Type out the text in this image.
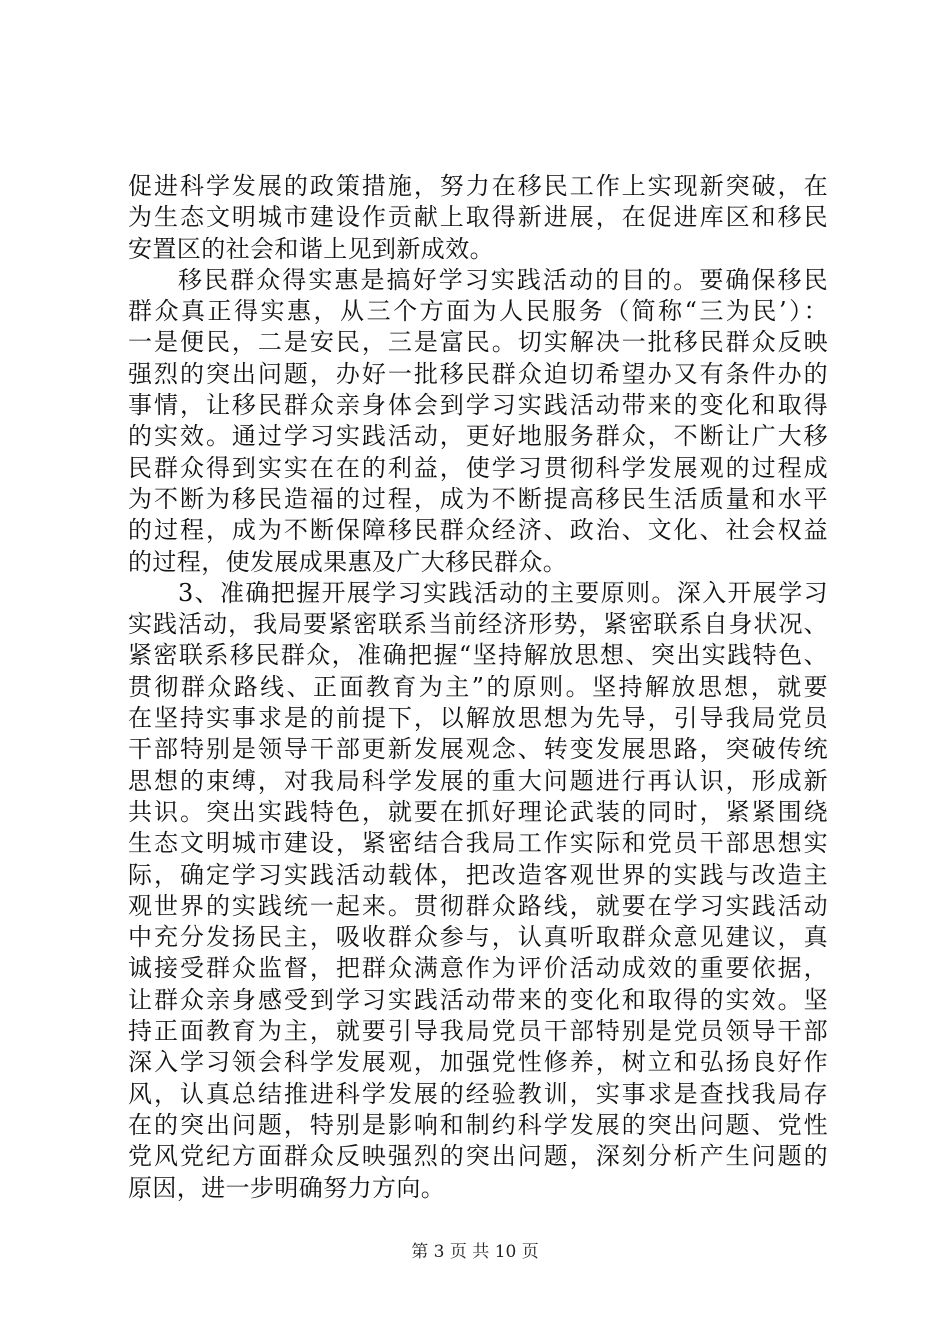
促进科学发展的政策措施，努力在移民工作上实现新突破，在
为生态文明城市建设作贡献上取得新进展，在促进库区和移民
安置区的社会和谐上见到新成效。
移民群众得实惠是搞好学习实践活动的目的。要确保移民
群众真正得实惠，从三个方面为人民服务（简称“三为民’）：
一是便民，二是安民，三是富民。切实解决一批移民群众反映
强烈的突出问题，办好一批移民群众迫切希望办又有条件办的
事情，让移民群众亲身体会到学习实践活动带来的变化和取得
的实效。通过学习实践活动，更好地服务群众，不断让广大移
民群众得到实实在在的利益，使学习贯彻科学发展观的过程成
为不断为移民造福的过程，成为不断提高移民生活质量和水平
的过程，成为不断保障移民群众经济、政治、文化、社会权益
的过程，使发展成果惠及广大移民群众。
3、准确把握开展学习实践活动的主要原则。深入开展学习
实践活动，我局要紧密联系当前经济形势，紧密联系自身状况、
紧密联系移民群众，准确把握“坚持解放思想、突出实践特色、
贯彻群众路线、正面教育为主”的原则。坚持解放思想，就要
在坚持实事求是的前提下，以解放思想为先导，引导我局党员
干部特别是领导干部更新发展观念、转变发展思路，突破传统
思想的束缚，对我局科学发展的重大问题进行再认识，形成新
共识。突出实践特色，就要在抓好理论武装的同时，紧紧围绕
生态文明城市建设，紧密结合我局工作实际和党员干部思想实
际，确定学习实践活动载体，把改造客观世界的实践与改造主
观世界的实践统一起来。贯彻群众路线，就要在学习实践活动
中充分发扬民主，吸收群众参与，认真听取群众意见建议，真
诚接受群众监督，把群众满意作为评价活动成效的重要依据，
让群众亲身感受到学习实践活动带来的变化和取得的实效。坚
持正面教育为主，就要引导我局党员干部特别是党员领导干部
深入学习领会科学发展观，加强党性修养，树立和弘扬良好作
风，认真总结推进科学发展的经验教训，实事求是查找我局存
在的突出问题，特别是影响和制约科学发展的突出问题、党性
党风党纪方面群众反映强烈的突出问题，深刻分析产生问题的
原因，进一步明确努力方向。
第 3 页 共 10 页
